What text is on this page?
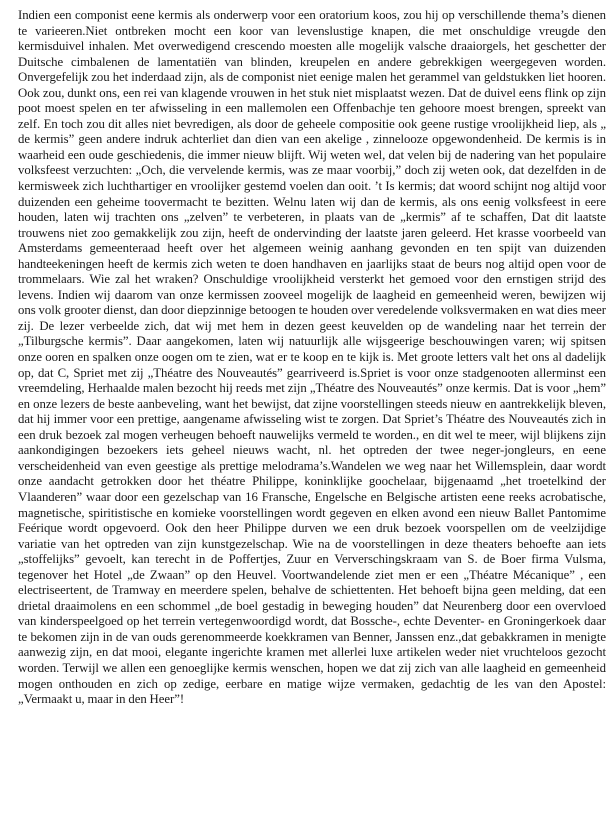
Indien een componist eene kermis als onderwerp voor een oratorium koos, zou hij op verschillende thema’s dienen te varieeren.Niet ontbreken mocht een koor van levenslustige knapen, die met onschuldige vreugde den kermisduivel inhalen. Met overwedigend crescendo moesten alle mogelijk valsche draaiorgels, het geschetter der Duitsche cimbalenen de lamentatiën van blinden, kreupelen en andere gebrekkigen weergegeven worden. Onvergefelijk zou het inderdaad zijn, als de componist niet eenige malen het gerammel van geldstukken liet hooren. Ook zou, dunkt ons, een rei van klagende vrouwen in het stuk niet misplaatst wezen. Dat de duivel eens flink op zijn poot moest spelen en ter afwisseling in een mallemolen een Offenbachje ten gehoore moest brengen, spreekt van zelf. En toch zou dit alles niet bevredigen, als door de geheele compositie ook geene rustige vroolijkheid liep, als „ de kermis” geen andere indruk achterliet dan dien van een akelige , zinnelooze opgewondenheid. De kermis is in waarheid een oude geschiedenis, die immer nieuw blijft. Wij weten wel, dat velen bij de nadering van het populaire volksfeest verzuchten: „Och, die vervelende kermis, was ze maar voorbij,” doch zij weten ook, dat dezelfden in de kermisweek zich luchthartiger en vroolijker gestemd voelen dan ooit. ’t Is kermis; dat woord schijnt nog altijd voor duizenden een geheime toovermacht te bezitten. Welnu laten wij dan de kermis, als ons eenig volksfeest in eere houden, laten wij trachten ons „zelven” te verbeteren, in plaats van de „kermis” af te schaffen, Dat dit laatste trouwens niet zoo gemakkelijk zou zijn, heeft de ondervinding der laatste jaren geleerd. Het krasse voorbeeld van Amsterdams gemeenteraad heeft over het algemeen weinig aanhang gevonden en ten spijt van duizenden handteekeningen heeft de kermis zich weten te doen handhaven en jaarlijks staat de beurs nog altijd open voor de trommelaars. Wie zal het wraken? Onschuldige vroolijkheid versterkt het gemoed voor den ernstigen strijd des levens. Indien wij daarom van onze kermissen zooveel mogelijk de laagheid en gemeenheid weren, bewijzen wij ons volk grooter dienst, dan door diepzinnige betoogen te houden over veredelende volksvermaken en wat dies meer zij. De lezer verbeelde zich, dat wij met hem in dezen geest keuvelden op de wandeling naar het terrein der „Tilburgsche kermis”. Daar aangekomen, laten wij natuurlijk alle wijsgeerige beschouwingen varen; wij spitsen onze ooren en spalken onze oogen om te zien, wat er te koop en te kijk is. Met groote letters valt het ons al dadelijk op, dat C, Spriet met zij „Théatre des Nouveautés” gearriveerd is.Spriet is voor onze stadgenooten allerminst een vreemdeling, Herhaalde malen bezocht hij reeds met zijn „Théatre des Nouveautés” onze kermis. Dat is voor „hem” en onze lezers de beste aanbeveling, want het bewijst, dat zijne voorstellingen steeds nieuw en aantrekkelijk bleven, dat hij immer voor een prettige, aangename afwisseling wist te zorgen. Dat Spriet’s Théatre des Nouveautés zich in een druk bezoek zal mogen verheugen behoeft nauwelijks vermeld te worden., en dit wel te meer, wijl blijkens zijn aankondigingen bezoekers iets geheel nieuws wacht, nl. het optreden der twee neger-jongleurs, en eene verscheidenheid van even geestige als prettige melodrama’s.Wandelen we weg naar het Willemsplein, daar wordt onze aandacht getrokken door het théatre Philippe, koninklijke goochelaar, bijgenaamd „het troetelkind der Vlaanderen” waar door een gezelschap van 16 Fransche, Engelsche en Belgische artisten eene reeks acrobatische, magnetische, spiritistische en komieke voorstellingen wordt gegeven en elken avond een nieuw Ballet Pantomime Feérique wordt opgevoerd. Ook den heer Philippe durven we een druk bezoek voorspellen om de veelzijdige variatie van het optreden van zijn kunstgezelschap. Wie na de voorstellingen in deze theaters behoefte aan iets „stoffelijks” gevoelt, kan terecht in de Poffertjes, Zuur en Ververschingskraam van S. de Boer firma Vulsma, tegenover het Hotel „de Zwaan” op den Heuvel. Voortwandelende ziet men er een „Théatre Mécanique” , een electriseertent, de Tramway en meerdere spelen, behalve de schiettenten. Het behoeft bijna geen melding, dat een drietal draaimolens en een schommel „de boel gestadig in beweging houden” dat Neurenberg door een overvloed van kinderspeelgoed op het terrein vertegenwoordigd wordt, dat Bossche-, echte Deventer- en Groningerkoek daar te bekomen zijn in de van ouds gerenommeerde koekkramen van Benner, Janssen enz.,dat gebakkramen in menigte aanwezig zijn, en dat mooi, elegante ingerichte kramen met allerlei luxe artikelen weder niet vruchteloos gezocht worden. Terwijl we allen een genoeglijke kermis wenschen, hopen we dat zij zich van alle laagheid en gemeenheid mogen onthouden en zich op zedige, eerbare en matige wijze vermaken, gedachtig de les van den Apostel: „Vermaakt u, maar in den Heer”!
